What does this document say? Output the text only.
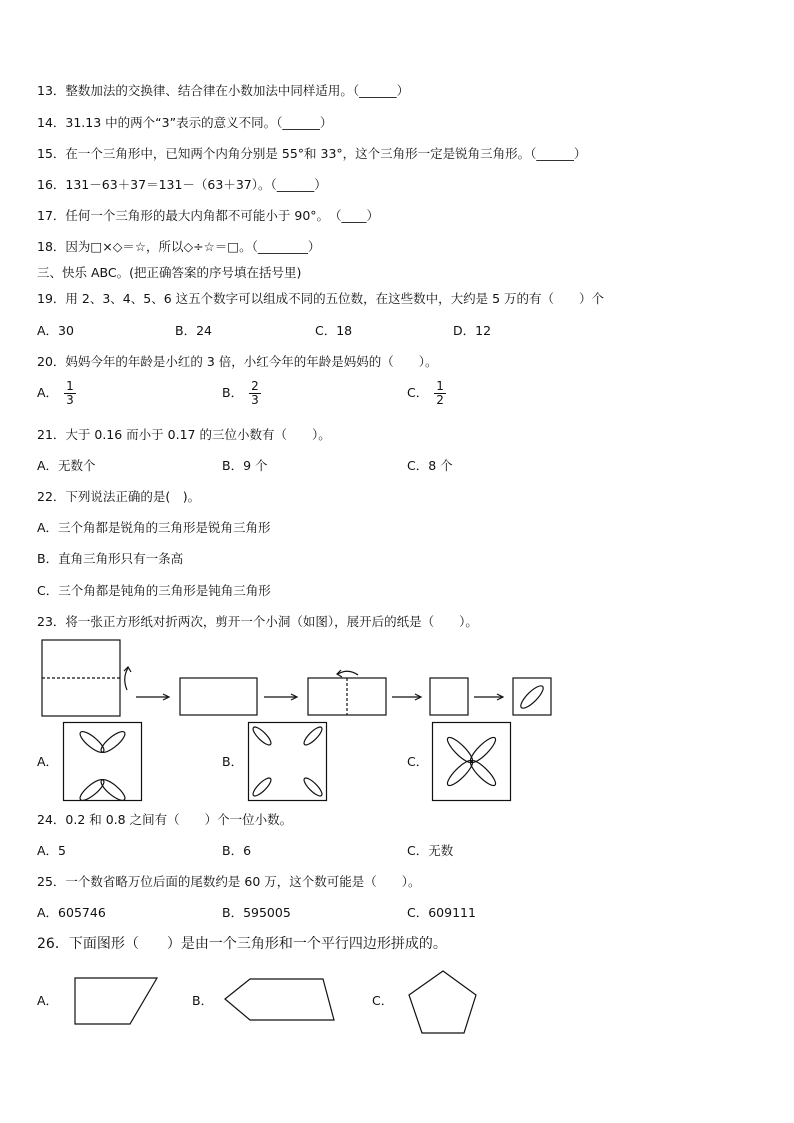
13．整数加法的交换律、结合律在小数加法中同样适用。（______）
14．31.13 中的两个“3”表示的意义不同。（______）
15．在一个三角形中，已知两个内角分别是 55°和 33°，这个三角形一定是锐角三角形。（______）
16．131－63＋37＝131－（63＋37）。（______）
17．任何一个三角形的最大内角都不可能小于 90°。　（____）
18．因为□×◇＝☆，所以◇÷☆＝□。（________）
三、快乐 ABC。(把正确答案的序号填在括号里)
19．用 2、3、4、5、6 这五个数字可以组成不同的五位数，在这些数中，大约是 5 万的有（　　）个
A．30	B．24	C．18	D．12
20．妈妈今年的年龄是小红的 3 倍，小红今年的年龄是妈妈的（　　）。
A． $\frac{1}{3}$	B． $\frac{2}{3}$	C． $\frac{1}{2}$
21．大于 0.16 而小于 0.17 的三位小数有（　　）。
A．无数个	B．9 个	C．8 个
22．下列说法正确的是(　)。
A．三个角都是锐角的三角形是锐角三角形
B．直角三角形只有一条高
C．三个角都是钝角的三角形是钝角三角形
23．将一张正方形纸对折两次，剪开一个小洞（如图），展开后的纸是（　　）。
A．	B．	C．
24．0.2 和 0.8 之间有（　　）个一位小数。
A．5	B．6	C．无数
25．一个数省略万位后面的尾数约是 60 万，这个数可能是（　　）。
A．605746	B．595005	C．609111
26．下面图形（　　）是由一个三角形和一个平行四边形拼成的。
A．	B．	C．
